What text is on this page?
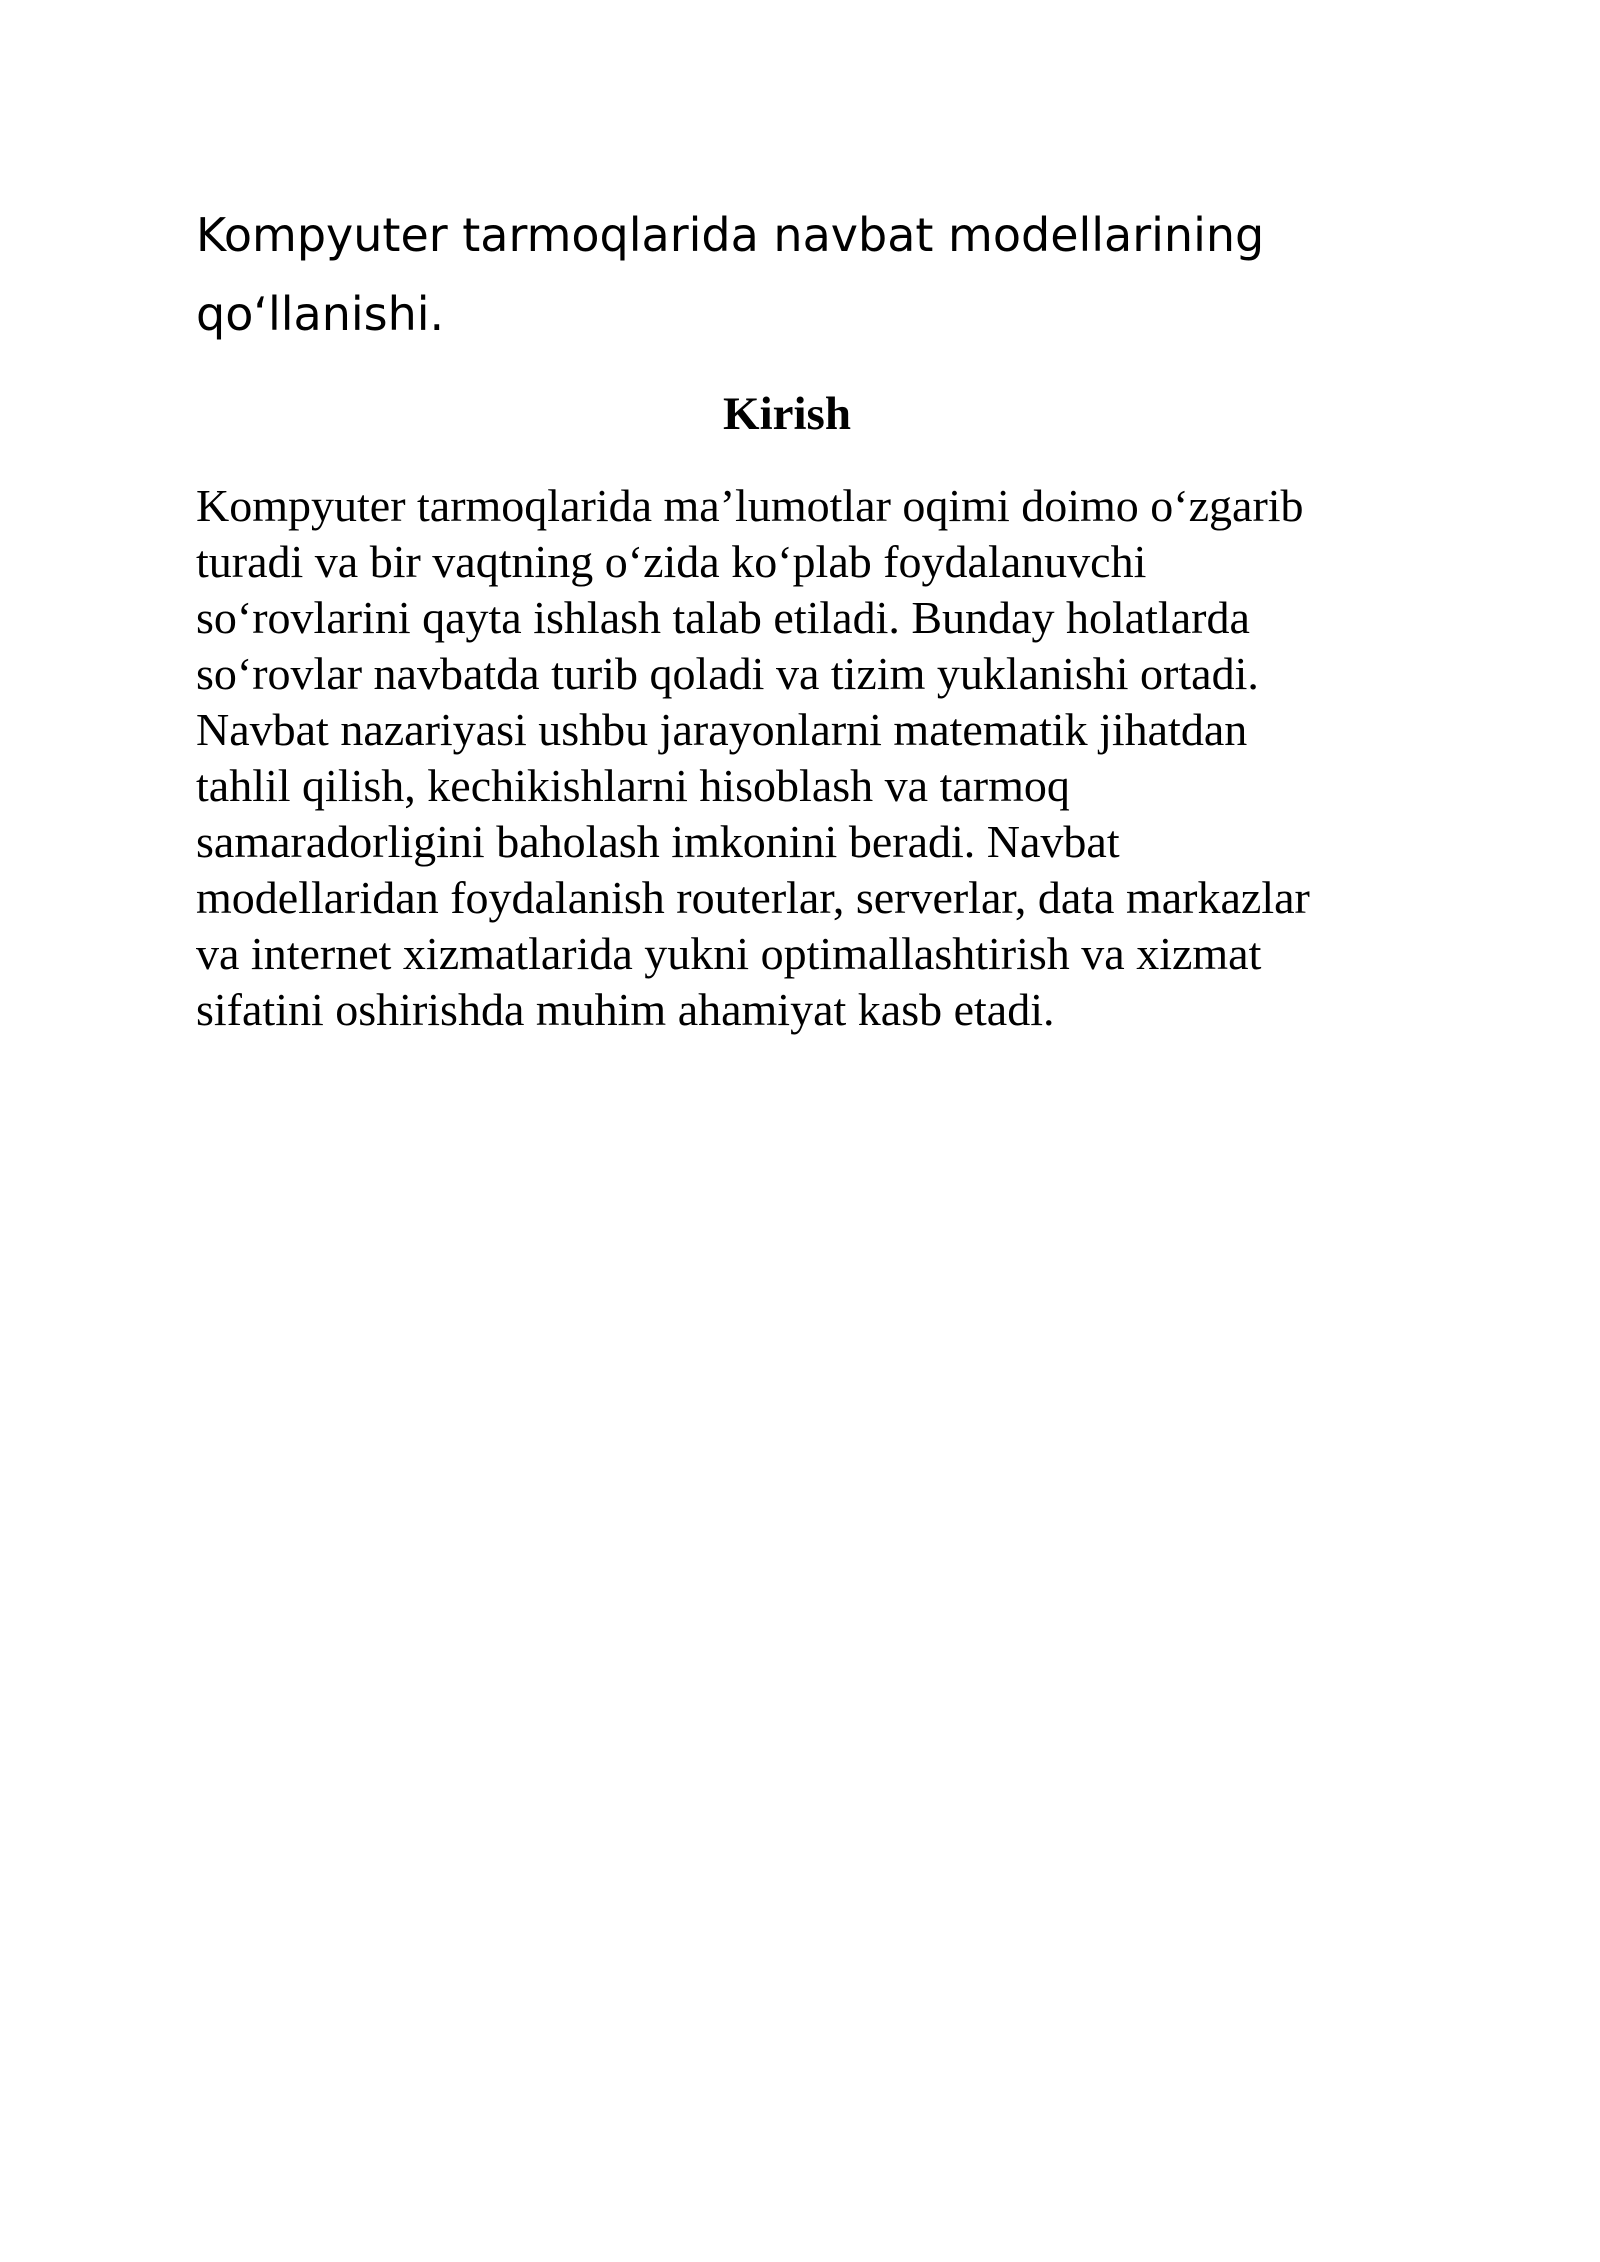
Kompyuter tarmoqlarida navbat modellarining
qo‘llanishi.
Kirish

Kompyuter tarmoqlarida ma’lumotlar oqimi doimo o‘zgarib
turadi va bir vaqtning o‘zida ko‘plab foydalanuvchi
so‘rovlarini qayta ishlash talab etiladi. Bunday holatlarda
so‘rovlar navbatda turib qoladi va tizim yuklanishi ortadi.
Navbat nazariyasi ushbu jarayonlarni matematik jihatdan
tahlil qilish, kechikishlarni hisoblash va tarmoq
samaradorligini baholash imkonini beradi. Navbat
modellaridan foydalanish routerlar, serverlar, data markazlar
va internet xizmatlarida yukni optimallashtirish va xizmat
sifatini oshirishda muhim ahamiyat kasb etadi.
